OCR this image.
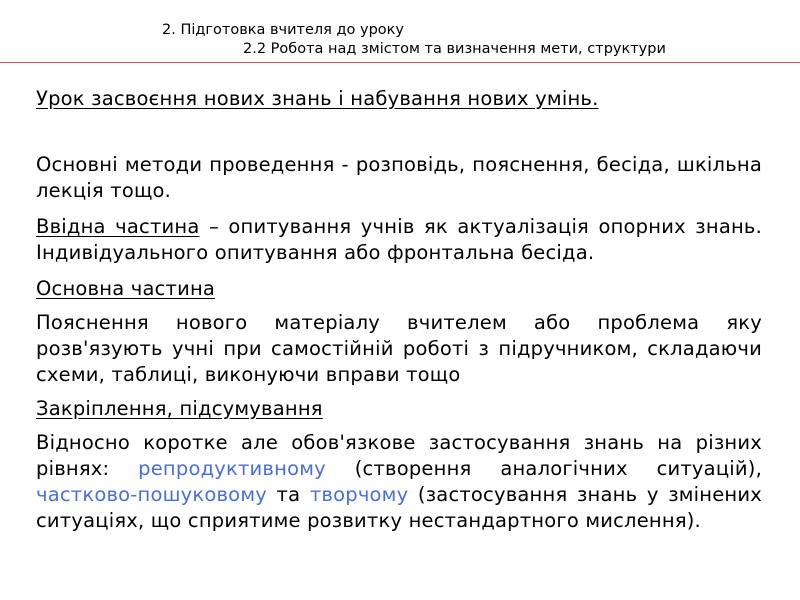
2. Підготовка вчителя до уроку
2.2 Робота над змістом та визначення мети, структури

Урок засвоєння нових знань і набування нових умінь.

Основні методи проведення - розповідь, пояснення, бесіда, шкільна лекція тощо.

Ввідна частина – опитування учнів як актуалізація опорних знань. Індивідуального опитування або фронтальна бесіда.

Основна частина

Пояснення нового матеріалу вчителем або проблема яку розв'язують учні при самостійній роботі з підручником, складаючи схеми, таблиці, виконуючи вправи тощо

Закріплення, підсумування

Відносно коротке але обов'язкове застосування знань на різних рівнях: репродуктивному (створення аналогічних ситуацій), частково-пошуковому та творчому (застосування знань у змінених ситуаціях, що сприятиме розвитку нестандартного мислення).
